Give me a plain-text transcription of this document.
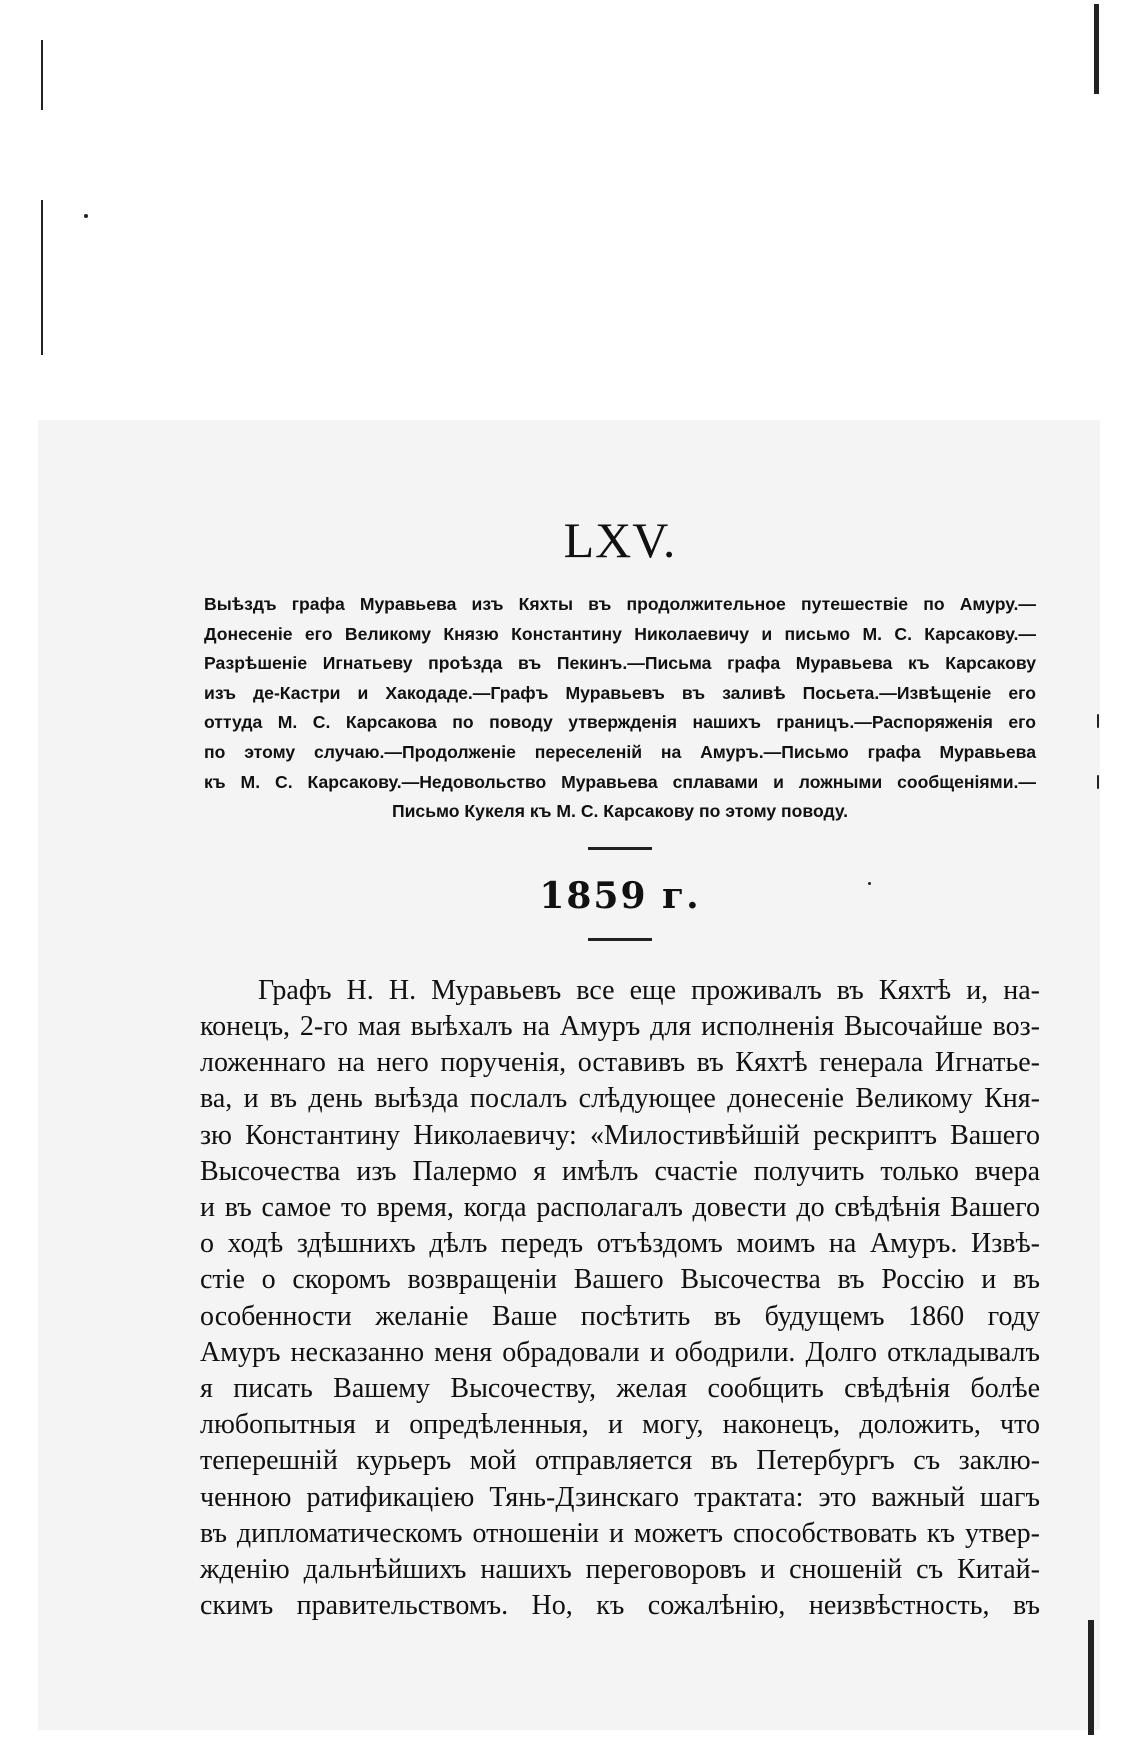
LXV.
Выѣздъ графа Муравьева изъ Кяхты въ продолжительное путешествіе по Амуру.—
Донесеніе его Великому Князю Константину Николаевичу и письмо М. С. Карсакову.—
Разрѣшеніе Игнатьеву проѣзда въ Пекинъ.—Письма графа Муравьева къ Карсакову
изъ де-Кастри и Хакодаде.—Графъ Муравьевъ въ заливѣ Посьета.—Извѣщеніе его
оттуда М. С. Карсакова по поводу утвержденія нашихъ границъ.—Распоряженія его
по этому случаю.—Продолженіе переселеній на Амуръ.—Письмо графа Муравьева
къ М. С. Карсакову.—Недовольство Муравьева сплавами и ложными сообщеніями.—
Письмо Кукеля къ М. С. Карсакову по этому поводу.
1859 г.
Графъ Н. Н. Муравьевъ все еще проживалъ въ Кяхтѣ и, на-
конецъ, 2-го мая выѣхалъ на Амуръ для исполненія Высочайше воз-
ложеннаго на него порученія, оставивъ въ Кяхтѣ генерала Игнатье-
ва, и въ день выѣзда послалъ слѣдующее донесеніе Великому Кня-
зю Константину Николаевичу: «Милостивѣйшій рескриптъ Вашего
Высочества изъ Палермо я имѣлъ счастіе получить только вчера
и въ самое то время, когда располагалъ довести до свѣдѣнія Вашего
о ходѣ здѣшнихъ дѣлъ передъ отъѣздомъ моимъ на Амуръ. Извѣ-
стіе о скоромъ возвращеніи Вашего Высочества въ Россію и въ
особенности желаніе Ваше посѣтить въ будущемъ 1860 году
Амуръ несказанно меня обрадовали и ободрили. Долго откладывалъ
я писать Вашему Высочеству, желая сообщить свѣдѣнія болѣе
любопытныя и опредѣленныя, и могу, наконецъ, доложить, что
теперешній курьеръ мой отправляется въ Петербургъ съ заклю-
ченною ратификаціею Тянь-Дзинскаго трактата: это важный шагъ
въ дипломатическомъ отношеніи и можетъ способствовать къ утвер-
жденію дальнѣйшихъ нашихъ переговоровъ и сношеній съ Китай-
скимъ правительствомъ. Но, къ сожалѣнію, неизвѣстность, въ
